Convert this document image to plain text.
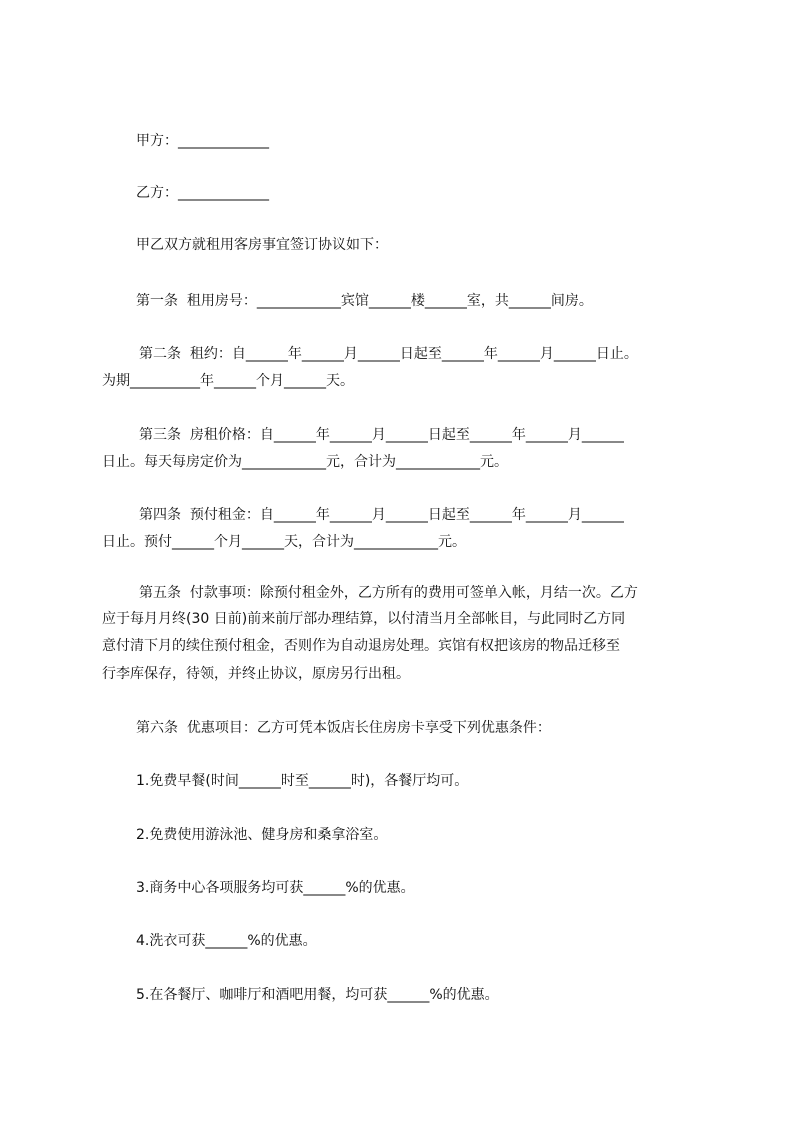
甲方：_____________
乙方：_____________
甲乙双方就租用客房事宜签订协议如下：
第一条  租用房号：____________宾馆______楼______室，共______间房。
第二条  租约：自______年______月______日起至______年______月______日止。
为期__________年______个月______天。
第三条  房租价格：自______年______月______日起至______年______月______
日止。每天每房定价为____________元，合计为____________元。
第四条  预付租金：自______年______月______日起至______年______月______
日止。预付______个月______天，合计为____________元。
第五条  付款事项：除预付租金外，乙方所有的费用可签单入帐，月结一次。乙方
应于每月月终(30 日前)前来前厅部办理结算，以付清当月全部帐目，与此同时乙方同
意付清下月的续住预付租金，否则作为自动退房处理。宾馆有权把该房的物品迁移至
行李库保存，待领，并终止协议，原房另行出租。
第六条  优惠项目：乙方可凭本饭店长住房房卡享受下列优惠条件：
1.免费早餐(时间______时至______时)，各餐厅均可。
2.免费使用游泳池、健身房和桑拿浴室。
3.商务中心各项服务均可获______%的优惠。
4.洗衣可获______%的优惠。
5.在各餐厅、咖啡厅和酒吧用餐，均可获______%的优惠。
